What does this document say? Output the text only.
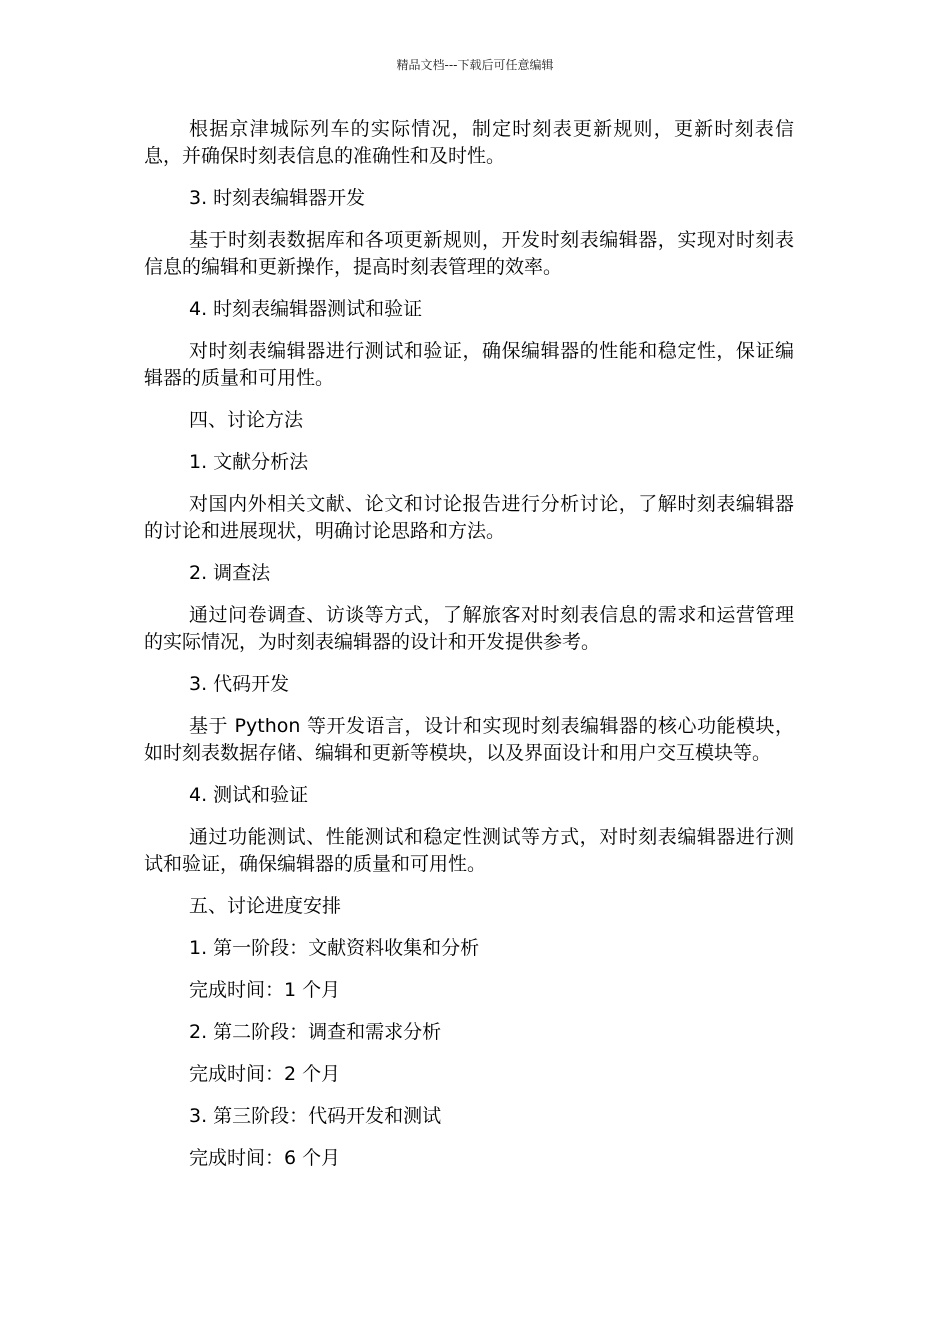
精品文档---下载后可任意编辑

根据京津城际列车的实际情况，制定时刻表更新规则，更新时刻表信息，并确保时刻表信息的准确性和及时性。

3. 时刻表编辑器开发

基于时刻表数据库和各项更新规则，开发时刻表编辑器，实现对时刻表信息的编辑和更新操作，提高时刻表管理的效率。

4. 时刻表编辑器测试和验证

对时刻表编辑器进行测试和验证，确保编辑器的性能和稳定性，保证编辑器的质量和可用性。

四、讨论方法

1. 文献分析法

对国内外相关文献、论文和讨论报告进行分析讨论，了解时刻表编辑器的讨论和进展现状，明确讨论思路和方法。

2. 调查法

通过问卷调查、访谈等方式，了解旅客对时刻表信息的需求和运营管理的实际情况，为时刻表编辑器的设计和开发提供参考。

3. 代码开发

基于 Python 等开发语言，设计和实现时刻表编辑器的核心功能模块，如时刻表数据存储、编辑和更新等模块，以及界面设计和用户交互模块等。

4. 测试和验证

通过功能测试、性能测试和稳定性测试等方式，对时刻表编辑器进行测试和验证，确保编辑器的质量和可用性。

五、讨论进度安排

1. 第一阶段：文献资料收集和分析

完成时间：1 个月

2. 第二阶段：调查和需求分析

完成时间：2 个月

3. 第三阶段：代码开发和测试

完成时间：6 个月
